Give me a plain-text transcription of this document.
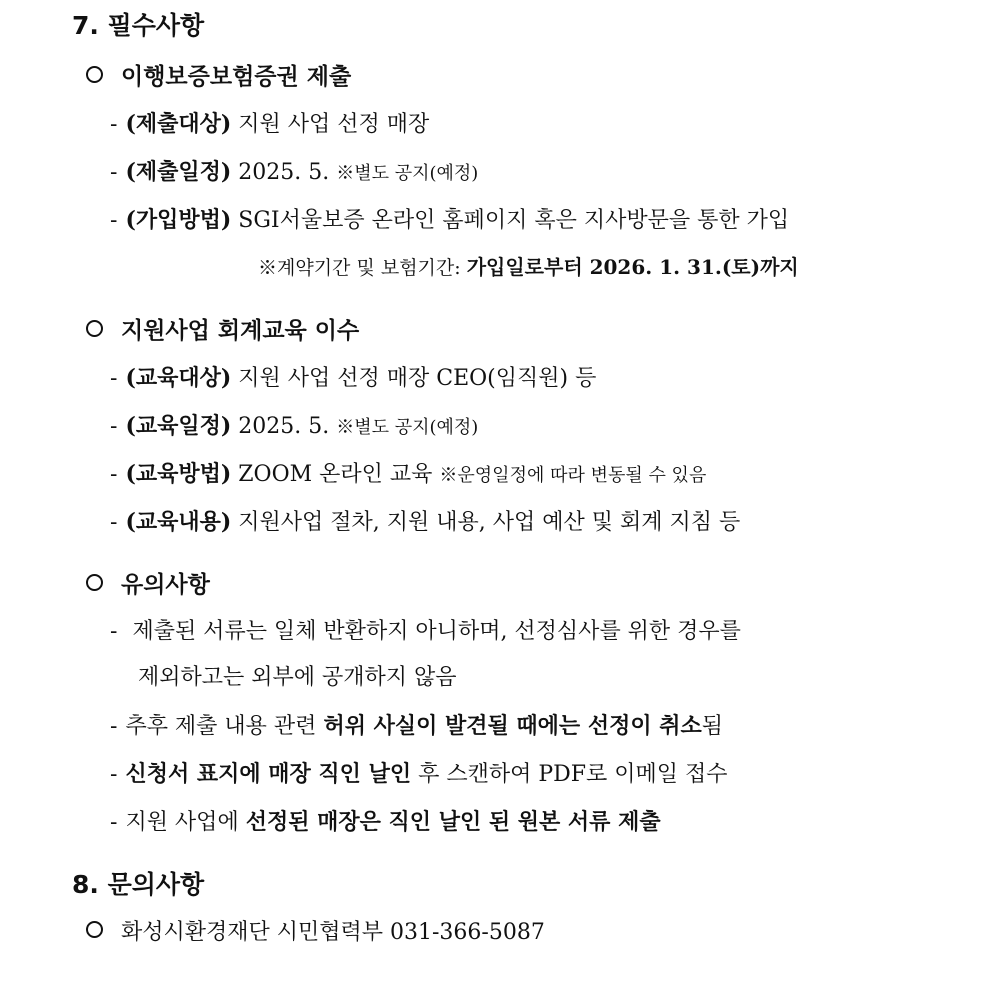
7. 필수사항
이행보증보험증권 제출
- (제출대상) 지원 사업 선정 매장
- (제출일정) 2025. 5. ※별도 공지(예정)
- (가입방법) SGI서울보증 온라인 홈페이지 혹은 지사방문을 통한 가입
※계약기간 및 보험기간: 가입일로부터 2026. 1. 31.(토)까지
지원사업 회계교육 이수
- (교육대상) 지원 사업 선정 매장 CEO(임직원) 등
- (교육일정) 2025. 5. ※별도 공지(예정)
- (교육방법) ZOOM 온라인 교육 ※운영일정에 따라 변동될 수 있음
- (교육내용) 지원사업 절차, 지원 내용, 사업 예산 및 회계 지침 등
유의사항
- 제출된 서류는 일체 반환하지 아니하며, 선정심사를 위한 경우를
제외하고는 외부에 공개하지 않음
- 추후 제출 내용 관련 허위 사실이 발견될 때에는 선정이 취소됨
- 신청서 표지에 매장 직인 날인 후 스캔하여 PDF로 이메일 접수
- 지원 사업에 선정된 매장은 직인 날인 된 원본 서류 제출
8. 문의사항
화성시환경재단 시민협력부 031-366-5087
